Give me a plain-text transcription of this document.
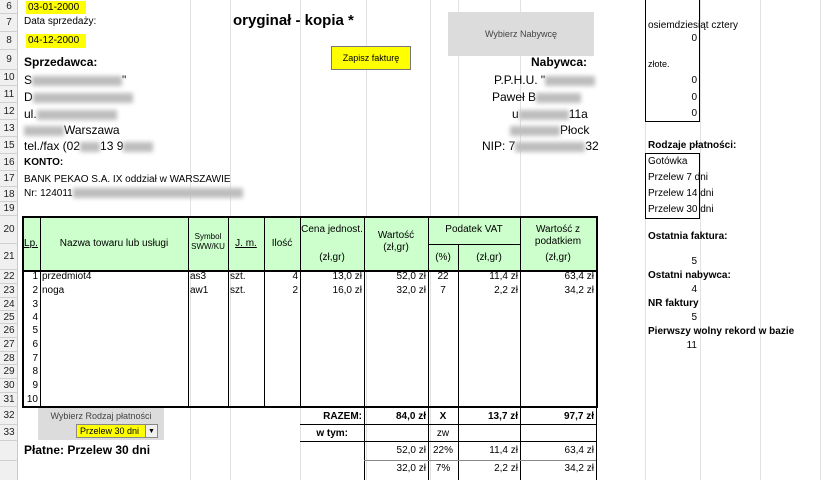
6
7
8
9
10
11
12
13
15
16
17
18
19
20
21
22
23
24
25
26
27
28
29
30
31
32
33
03-01-2000
Data sprzedaży:
04-12-2000
oryginał - kopia *
Wybierz Nabywcę
Zapisz fakturę
Sprzedawca:
S	"
D
ul.
Warszawa
tel./fax (02 13 9
KONTO:
BANK PEKAO S.A. IX oddział w WARSZAWIE
Nr: 124011
Nabywca:
P.P.H.U. "
Paweł B
u	11a
Płock
NIP: 7	32
osiemdziesiąt cztery
0
złote.
0
0
0
Rodzaje płatności:
Gotówka
Przelew 7 dni
Przelew 14 dni
Przelew 30 dni
Ostatnia faktura:
5
Ostatni nabywca:
4
NR faktury
5
Pierwszy wolny rekord w bazie
11
Lp.	Nazwa towaru lub usługi
Symbol SWW/KU	J. m.	Ilość
Cena jednost.
(zł,gr)
Wartość (zł,gr)
Podatek VAT
(%)	(zł,gr)
Wartość z podatkiem
(zł,gr)
1 przedmiot4	as3 szt.	4	13,0 zł	52,0 zł	22	11,4 zł	63,4 zł
2 noga	aw1 szt.	2	16,0 zł	32,0 zł	7	2,2 zł	34,2 zł
3
4
5
6
7
8
9
10
RAZEM:	84,0 zł	X	13,7 zł	97,7 zł
w tym:	zw
52,0 zł 22%	11,4 zł	63,4 zł
32,0 zł 7%	2,2 zł	34,2 zł
Wybierz Rodzaj płatności
Przelew 30 dni	▼
Płatne: Przelew 30 dni
